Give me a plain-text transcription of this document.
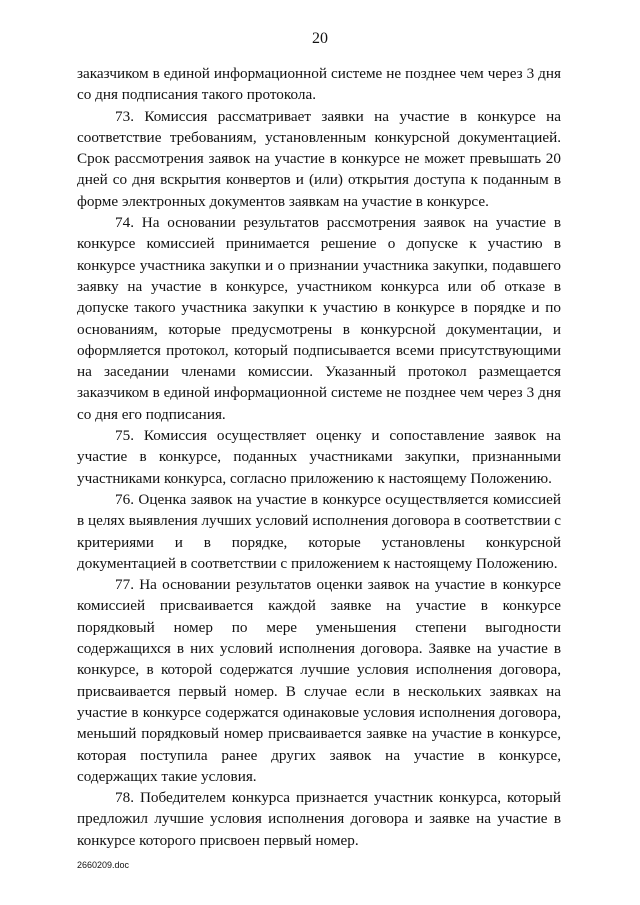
20

заказчиком в единой информационной системе не позднее чем через 3 дня со дня подписания такого протокола.

73. Комиссия рассматривает заявки на участие в конкурсе на соответствие требованиям, установленным конкурсной документацией. Срок рассмотрения заявок на участие в конкурсе не может превышать 20 дней со дня вскрытия конвертов и (или) открытия доступа к поданным в форме электронных документов заявкам на участие в конкурсе.

74. На основании результатов рассмотрения заявок на участие в конкурсе комиссией принимается решение о допуске к участию в конкурсе участника закупки и о признании участника закупки, подавшего заявку на участие в конкурсе, участником конкурса или об отказе в допуске такого участника закупки к участию в конкурсе в порядке и по основаниям, которые предусмотрены в конкурсной документации, и оформляется протокол, который подписывается всеми присутствующими на заседании членами комиссии. Указанный протокол размещается заказчиком в единой информационной системе не позднее чем через 3 дня со дня его подписания.

75. Комиссия осуществляет оценку и сопоставление заявок на участие в конкурсе, поданных участниками закупки, признанными участниками конкурса, согласно приложению к настоящему Положению.

76. Оценка заявок на участие в конкурсе осуществляется комиссией в целях выявления лучших условий исполнения договора в соответствии с критериями и в порядке, которые установлены конкурсной документацией в соответствии с приложением к настоящему Положению.

77. На основании результатов оценки заявок на участие в конкурсе комиссией присваивается каждой заявке на участие в конкурсе порядковый номер по мере уменьшения степени выгодности содержащихся в них условий исполнения договора. Заявке на участие в конкурсе, в которой содержатся лучшие условия исполнения договора, присваивается первый номер. В случае если в нескольких заявках на участие в конкурсе содержатся одинаковые условия исполнения договора, меньший порядковый номер присваивается заявке на участие в конкурсе, которая поступила ранее других заявок на участие в конкурсе, содержащих такие условия.

78. Победителем конкурса признается участник конкурса, который предложил лучшие условия исполнения договора и заявке на участие в конкурсе которого присвоен первый номер.

2660209.doc
